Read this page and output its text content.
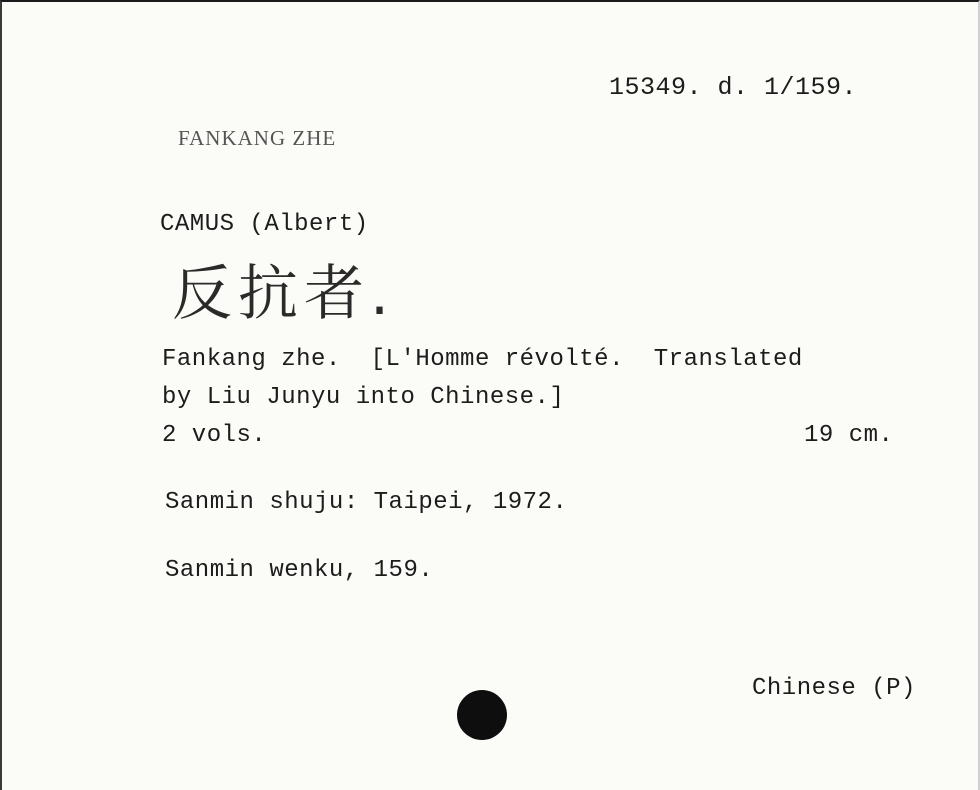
15349. d. 1/159.
FANKANG ZHE
CAMUS (Albert)
反抗者.
Fankang zhe.  [L'Homme révolté.  Translated
by Liu Junyu into Chinese.]
2 vols.	19 cm.
Sanmin shuju: Taipei, 1972.
Sanmin wenku, 159.
Chinese (P)
